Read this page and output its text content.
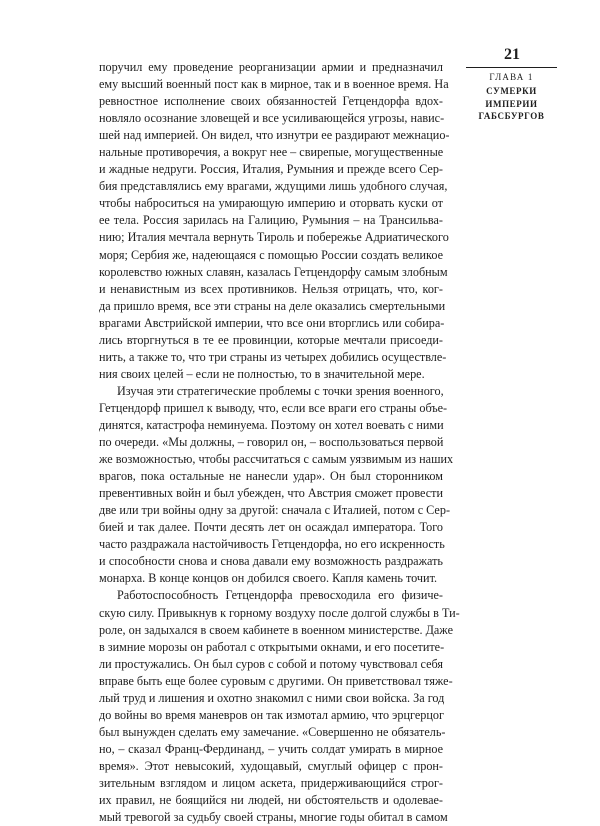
21
ГЛАВА 1
СУМЕРКИ
ИМПЕРИИ
ГАБСБУРГОВ
поручил ему проведение реорганизации армии и предназначил
ему высший военный пост как в мирное, так и в военное время. На
ревностное исполнение своих обязанностей Гетцендорфа вдох-
новляло осознание зловещей и все усиливающейся угрозы, навис-
шей над империей. Он видел, что изнутри ее раздирают межнацио-
нальные противоречия, а вокруг нее – свирепые, могущественные
и жадные недруги. Россия, Италия, Румыния и прежде всего Сер-
бия представлялись ему врагами, ждущими лишь удобного случая,
чтобы наброситься на умирающую империю и оторвать куски от
ее тела. Россия зарилась на Галицию, Румыния – на Трансильва-
нию; Италия мечтала вернуть Тироль и побережье Адриатического
моря; Сербия же, надеющаяся с помощью России создать великое
королевство южных славян, казалась Гетцендорфу самым злобным
и ненавистным из всех противников. Нельзя отрицать, что, ког-
да пришло время, все эти страны на деле оказались смертельными
врагами Австрийской империи, что все они вторглись или собира-
лись вторгнуться в те ее провинции, которые мечтали присоеди-
нить, а также то, что три страны из четырех добились осуществле-
ния своих целей – если не полностью, то в значительной мере.
Изучая эти стратегические проблемы с точки зрения военного,
Гетцендорф пришел к выводу, что, если все враги его страны объе-
динятся, катастрофа неминуема. Поэтому он хотел воевать с ними
по очереди. «Мы должны, – говорил он, – воспользоваться первой
же возможностью, чтобы рассчитаться с самым уязвимым из наших
врагов, пока остальные не нанесли удар». Он был сторонником
превентивных войн и был убежден, что Австрия сможет провести
две или три войны одну за другой: сначала с Италией, потом с Сер-
бией и так далее. Почти десять лет он осаждал императора. Того
часто раздражала настойчивость Гетцендорфа, но его искренность
и способности снова и снова давали ему возможность раздражать
монарха. В конце концов он добился своего. Капля камень точит.
Работоспособность Гетцендорфа превосходила его физиче-
скую силу. Привыкнув к горному воздуху после долгой службы в Ти-
роле, он задыхался в своем кабинете в военном министерстве. Даже
в зимние морозы он работал с открытыми окнами, и его посетите-
ли простужались. Он был суров с собой и потому чувствовал себя
вправе быть еще более суровым с другими. Он приветствовал тяже-
лый труд и лишения и охотно знакомил с ними свои войска. За год
до войны во время маневров он так измотал армию, что эрцгерцог
был вынужден сделать ему замечание. «Совершенно не обязатель-
но, – сказал Франц-Фердинанд, – учить солдат умирать в мирное
время». Этот невысокий, худощавый, смуглый офицер с прон-
зительным взглядом и лицом аскета, придерживающийся строг-
их правил, не боящийся ни людей, ни обстоятельств и одолевае-
мый тревогой за судьбу своей страны, многие годы обитал в самом
